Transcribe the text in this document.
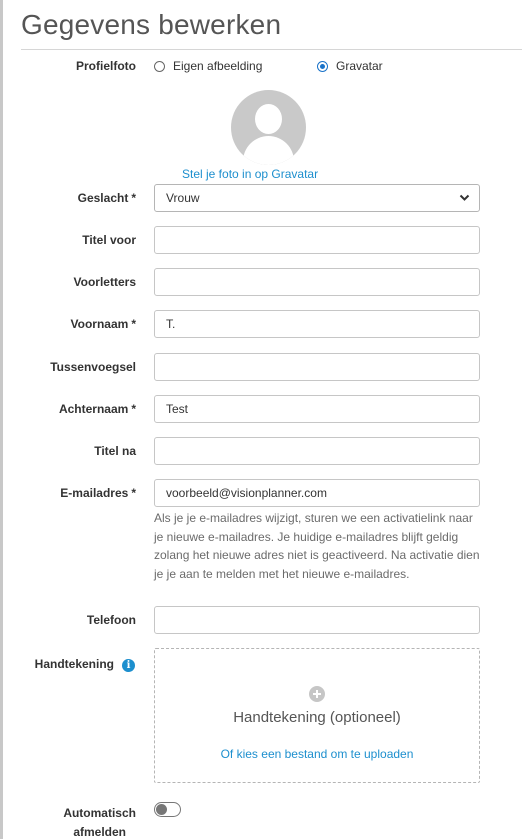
Gegevens bewerken
Profielfoto	Eigen afbeelding	Gravatar
Stel je foto in op Gravatar
Geslacht *	Vrouw
Titel voor
Voorletters
Voornaam *	T.
Tussenvoegsel
Achternaam *	Test
Titel na
E-mailadres *	voorbeeld@visionplanner.com
Als je je e-mailadres wijzigt, sturen we een activatielink naar je nieuwe e-mailadres. Je huidige e-mailadres blijft geldig zolang het nieuwe adres niet is geactiveerd. Na activatie dien je je aan te melden met het nieuwe e-mailadres.
Telefoon
Handtekening	i
Handtekening (optioneel)
Of kies een bestand om te uploaden
Automatisch
afmelden
